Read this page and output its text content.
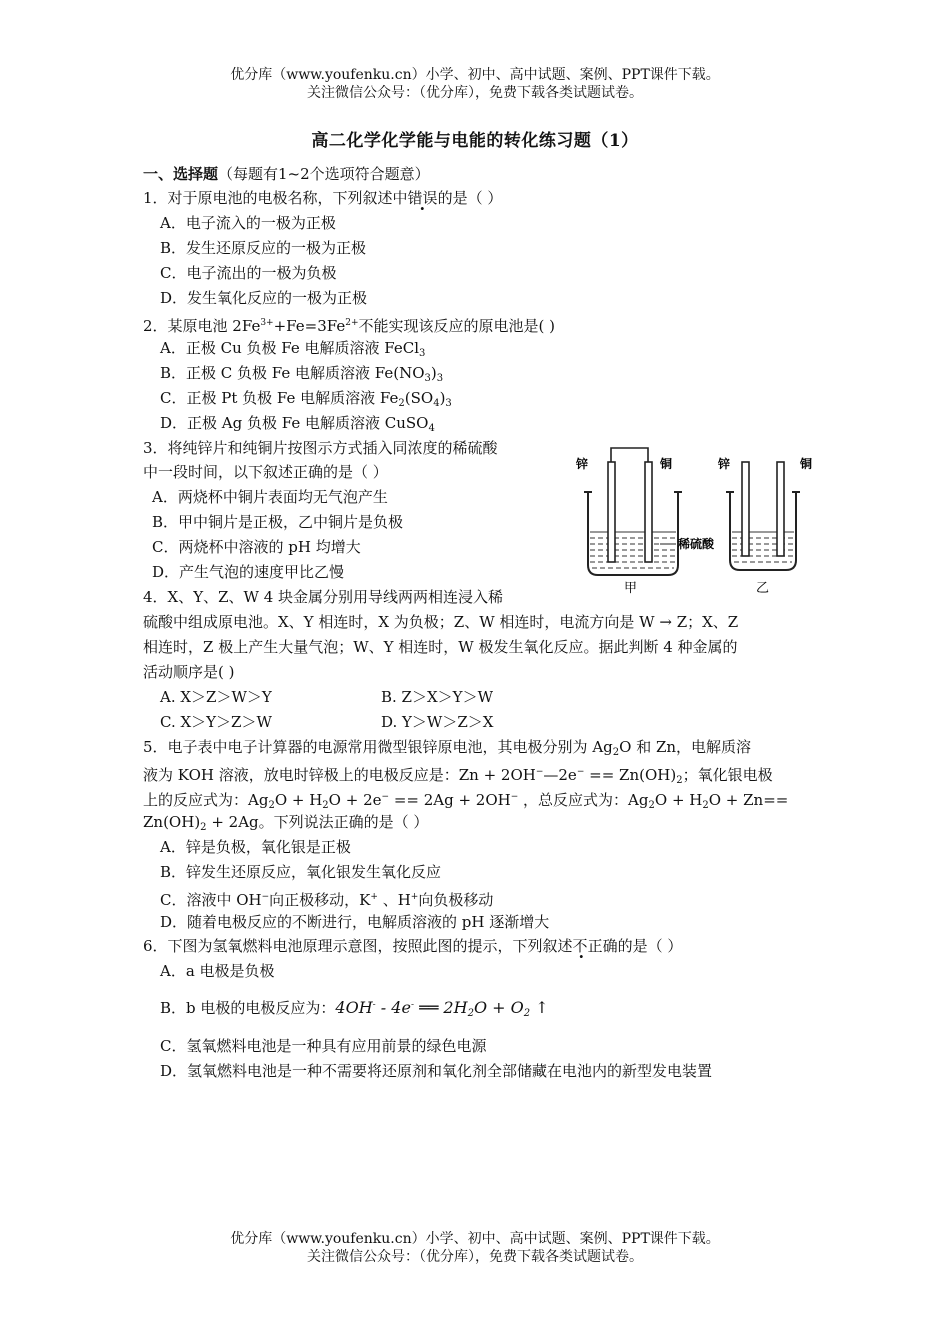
优分库（www.youfenku.cn）小学、初中、高中试题、案例、PPT课件下载。
关注微信公众号：（优分库），免费下载各类试题试卷。
高二化学化学能与电能的转化练习题（1）
一、选择题（每题有1~2个选项符合题意）
1．对于原电池的电极名称，下列叙述中错误的是（ ）
A．电子流入的一极为正极
B．发生还原反应的一极为正极
C．电子流出的一极为负极
D．发生氧化反应的一极为正极
2．某原电池 $2Fe^{3+}+Fe=3Fe^{2+}$不能实现该反应的原电池是( )
A．正极 Cu 负极 Fe 电解质溶液 FeCl$_3$
B．正极 C 负极 Fe 电解质溶液 $Fe(NO_3)_3$
C．正极 Pt 负极 Fe 电解质溶液 $Fe_2(SO_4)_3$
D．正极 Ag 负极 Fe 电解质溶液 CuSO$_4$
3．将纯锌片和纯铜片按图示方式插入同浓度的稀硫酸
中一段时间，以下叙述正确的是（ ）
A．两烧杯中铜片表面均无气泡产生
B．甲中铜片是正极，乙中铜片是负极
C．两烧杯中溶液的 pH 均增大
D．产生气泡的速度甲比乙慢
锌	铜	锌	铜
稀硫酸
甲	乙
4．X、Y、Z、W 4 块金属分别用导线两两相连浸入稀
硫酸中组成原电池。X、Y 相连时，X 为负极；Z、W 相连时，电流方向是 W → Z；X、Z
相连时，Z 极上产生大量气泡；W、Y 相连时，W 极发生氧化反应。据此判断 4 种金属的
活动顺序是( )
A. X＞Z＞W＞Y	B. Z＞X＞Y＞W
C. X＞Y＞Z＞W	D. Y＞W＞Z＞X
5．电子表中电子计算器的电源常用微型银锌原电池，其电极分别为 $Ag_2O$ 和 Zn，电解质溶
液为 KOH 溶液，放电时锌极上的电极反应是：Zn + 2OH−—2e− == $Zn(OH)_2$；氧化银电极
上的反应式为：$Ag_2O + H_2O + 2e^- == 2Ag + 2OH^-$ ，总反应式为：$Ag_2O + H_2O + Zn==$
$Zn(OH)_2 + 2Ag$。下列说法正确的是（ ）
A．锌是负极，氧化银是正极
B．锌发生还原反应，氧化银发生氧化反应
C．溶液中 OH−向正极移动，K+ 、H+向负极移动
D．随着电极反应的不断进行，电解质溶液的 pH 逐渐增大
6．下图为氢氧燃料电池原理示意图，按照此图的提示，下列叙述不正确的是（ ）
A．a 电极是负极
B．b 电极的电极反应为：4OH- - 4e- ══ $2H_2O + O_2$ ↑
C．氢氧燃料电池是一种具有应用前景的绿色电源
D．氢氧燃料电池是一种不需要将还原剂和氧化剂全部储藏在电池内的新型发电装置
优分库（www.youfenku.cn）小学、初中、高中试题、案例、PPT课件下载。
关注微信公众号：（优分库），免费下载各类试题试卷。
